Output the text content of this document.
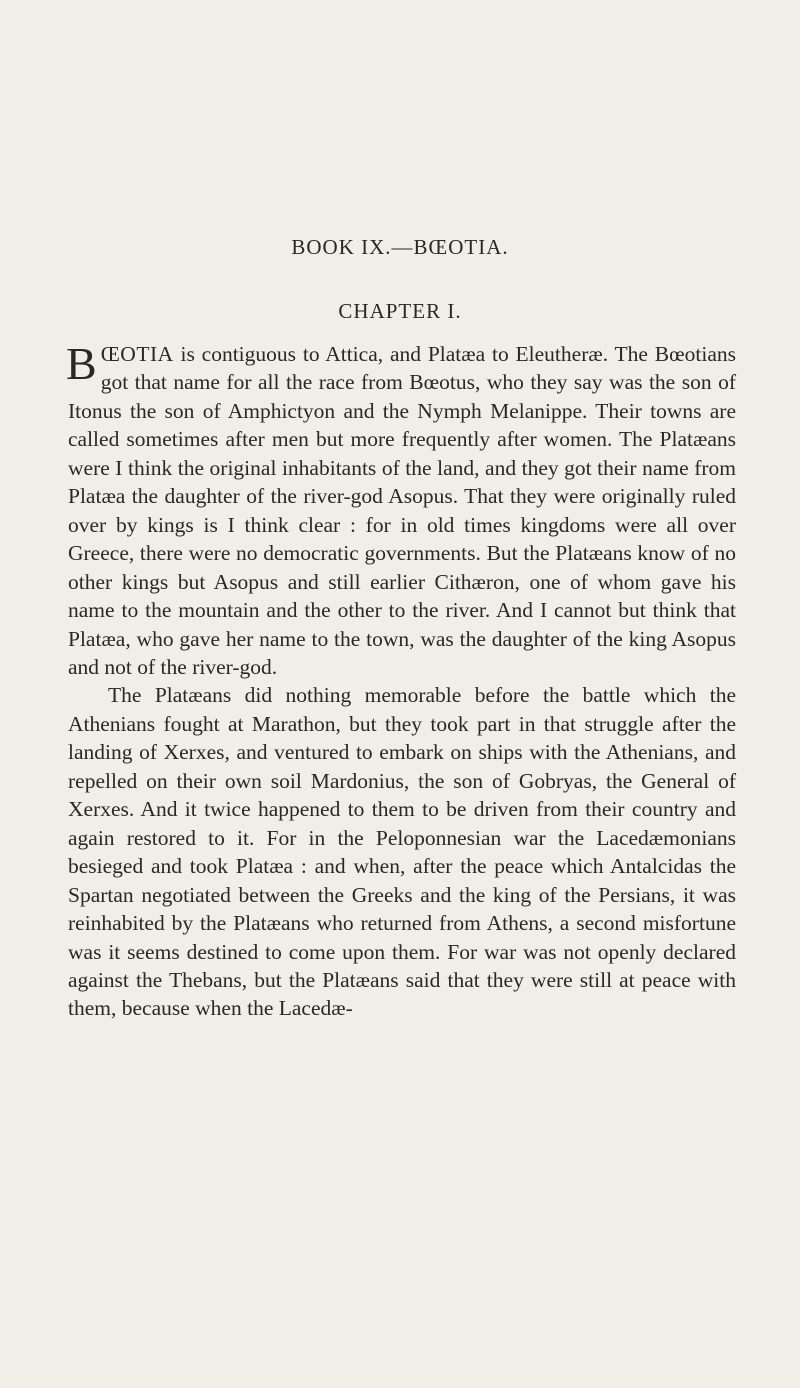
BOOK IX.—BŒOTIA.
CHAPTER I.

BŒOTIA is contiguous to Attica, and Platæa to Eleutheræ. The Bœotians got that name for all the race from Bœotus, who they say was the son of Itonus the son of Amphictyon and the Nymph Melanippe. Their towns are called sometimes after men but more frequently after women. The Platæans were I think the original inhabitants of the land, and they got their name from Platæa the daughter of the river-god Asopus. That they were originally ruled over by kings is I think clear : for in old times kingdoms were all over Greece, there were no democratic governments. But the Platæans know of no other kings but Asopus and still earlier Cithæron, one of whom gave his name to the mountain and the other to the river. And I cannot but think that Platæa, who gave her name to the town, was the daughter of the king Asopus and not of the river-god.

The Platæans did nothing memorable before the battle which the Athenians fought at Marathon, but they took part in that struggle after the landing of Xerxes, and ventured to embark on ships with the Athenians, and repelled on their own soil Mardonius, the son of Gobryas, the General of Xerxes. And it twice happened to them to be driven from their country and again restored to it. For in the Peloponnesian war the Lacedæmonians besieged and took Platæa : and when, after the peace which Antalcidas the Spartan negotiated between the Greeks and the king of the Persians, it was reinhabited by the Platæans who returned from Athens, a second misfortune was it seems destined to come upon them. For war was not openly declared against the Thebans, but the Platæans said that they were still at peace with them, because when the Lacedæ-
